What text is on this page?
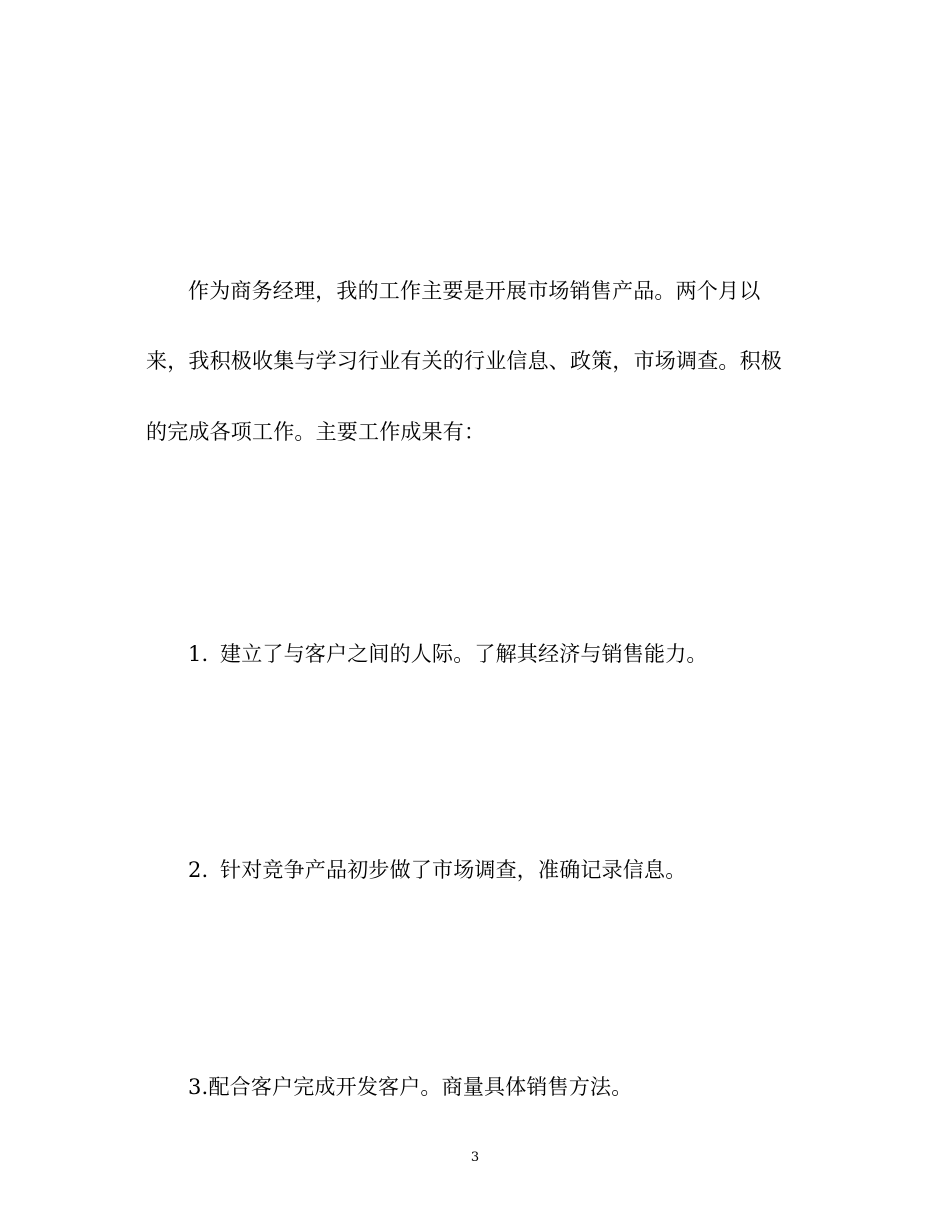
作为商务经理，我的工作主要是开展市场销售产品。两个月以
来，我积极收集与学习行业有关的行业信息、政策，市场调查。积极
的完成各项工作。主要工作成果有：
1. 建立了与客户之间的人际。了解其经济与销售能力。
2. 针对竞争产品初步做了市场调查，准确记录信息。
3.配合客户完成开发客户。商量具体销售方法。
3
